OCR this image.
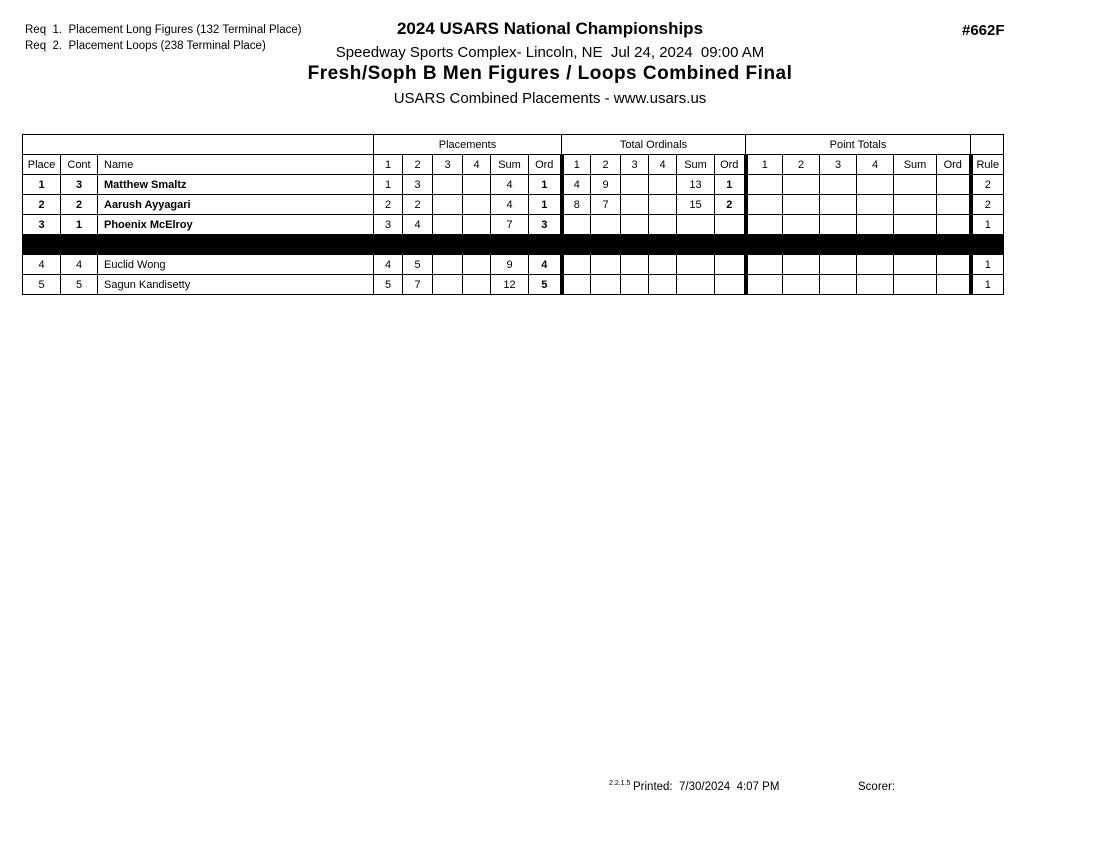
Req  1.  Placement Long Figures (132 Terminal Place)
Req  2.  Placement Loops (238 Terminal Place)
2024 USARS National Championships
Speedway Sports Complex- Lincoln, NE  Jul 24, 2024  09:00 AM
Fresh/Soph B Men Figures / Loops Combined Final
USARS Combined Placements - www.usars.us
#662F
			Placements						Total Ordinals						Point Totals						
Place	Cont	Name	1	2	3	4	Sum	Ord	1	2	3	4	Sum	Ord	1	2	3	4	Sum	Ord	Rule
1	3	Matthew Smaltz	1	3			4	1	4	9			13	1							2
2	2	Aarush Ayyagari	2	2			4	1	8	7			15	2							2
3	1	Phoenix McElroy	3	4			7	3													1

4	4	Euclid Wong	4	5			9	4													1
5	5	Sagun Kandisetty	5	7			12	5													1
2.2.1.5 Printed:  7/30/2024  4:07 PM	Scorer:
